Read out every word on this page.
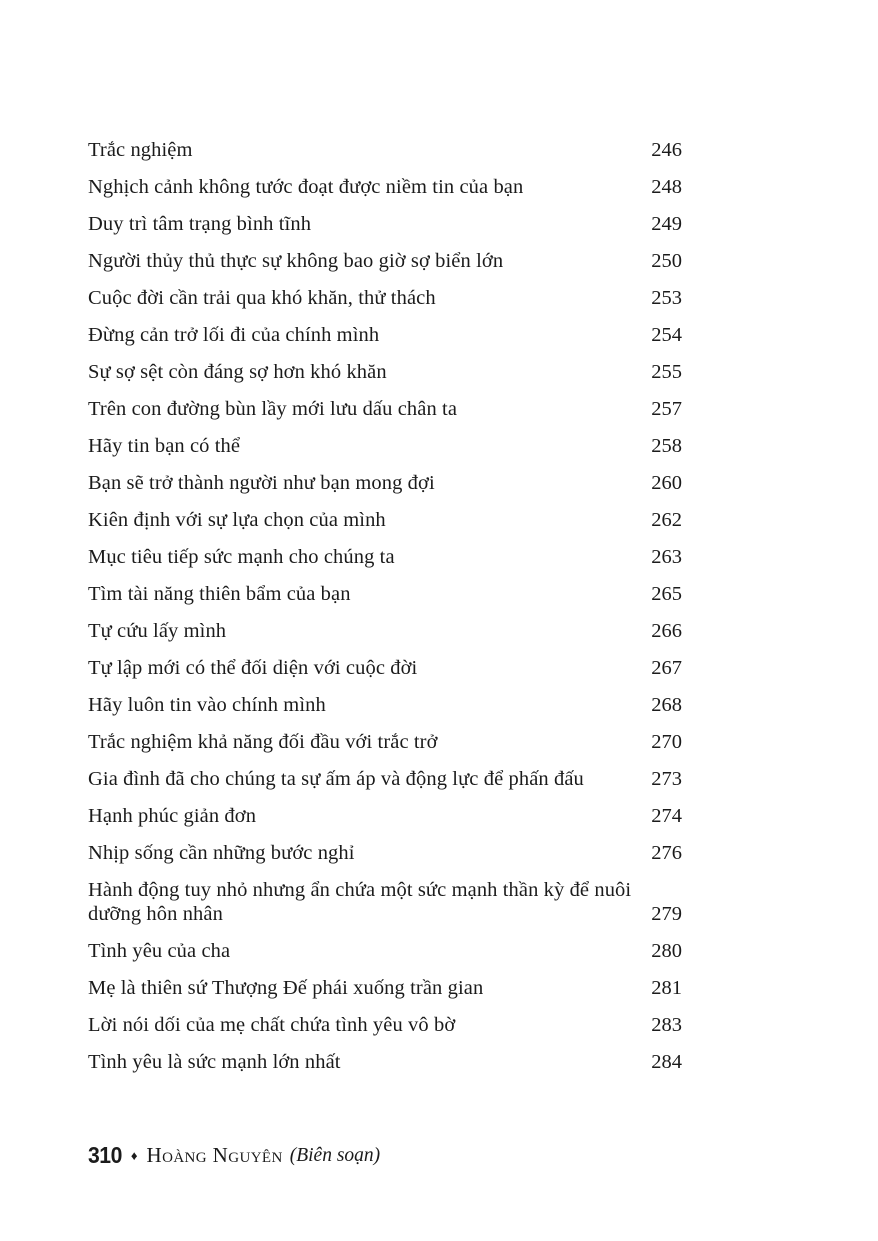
Trắc nghiệm	246
Nghịch cảnh không tước đoạt được niềm tin của bạn	248
Duy trì tâm trạng bình tĩnh	249
Người thủy thủ thực sự không bao giờ sợ biển lớn	250
Cuộc đời cần trải qua khó khăn, thử thách	253
Đừng cản trở lối đi của chính mình	254
Sự sợ sệt còn đáng sợ hơn khó khăn	255
Trên con đường bùn lầy mới lưu dấu chân ta	257
Hãy tin bạn có thể	258
Bạn sẽ trở thành người như bạn mong đợi	260
Kiên định với sự lựa chọn của mình	262
Mục tiêu tiếp sức mạnh cho chúng ta	263
Tìm tài năng thiên bẩm của bạn	265
Tự cứu lấy mình	266
Tự lập mới có thể đối diện với cuộc đời	267
Hãy luôn tin vào chính mình	268
Trắc nghiệm khả năng đối đầu với trắc trở	270
Gia đình đã cho chúng ta sự ấm áp và động lực để phấn đấu	273
Hạnh phúc giản đơn	274
Nhịp sống cần những bước nghỉ	276
Hành động tuy nhỏ nhưng ẩn chứa một sức mạnh thần kỳ để nuôi dưỡng hôn nhân	279
Tình yêu của cha	280
Mẹ là thiên sứ Thượng Đế phái xuống trần gian	281
Lời nói dối của mẹ chất chứa tình yêu vô bờ	283
Tình yêu là sức mạnh lớn nhất	284
310 ♦ Hoàng Nguyên (Biên soạn)
